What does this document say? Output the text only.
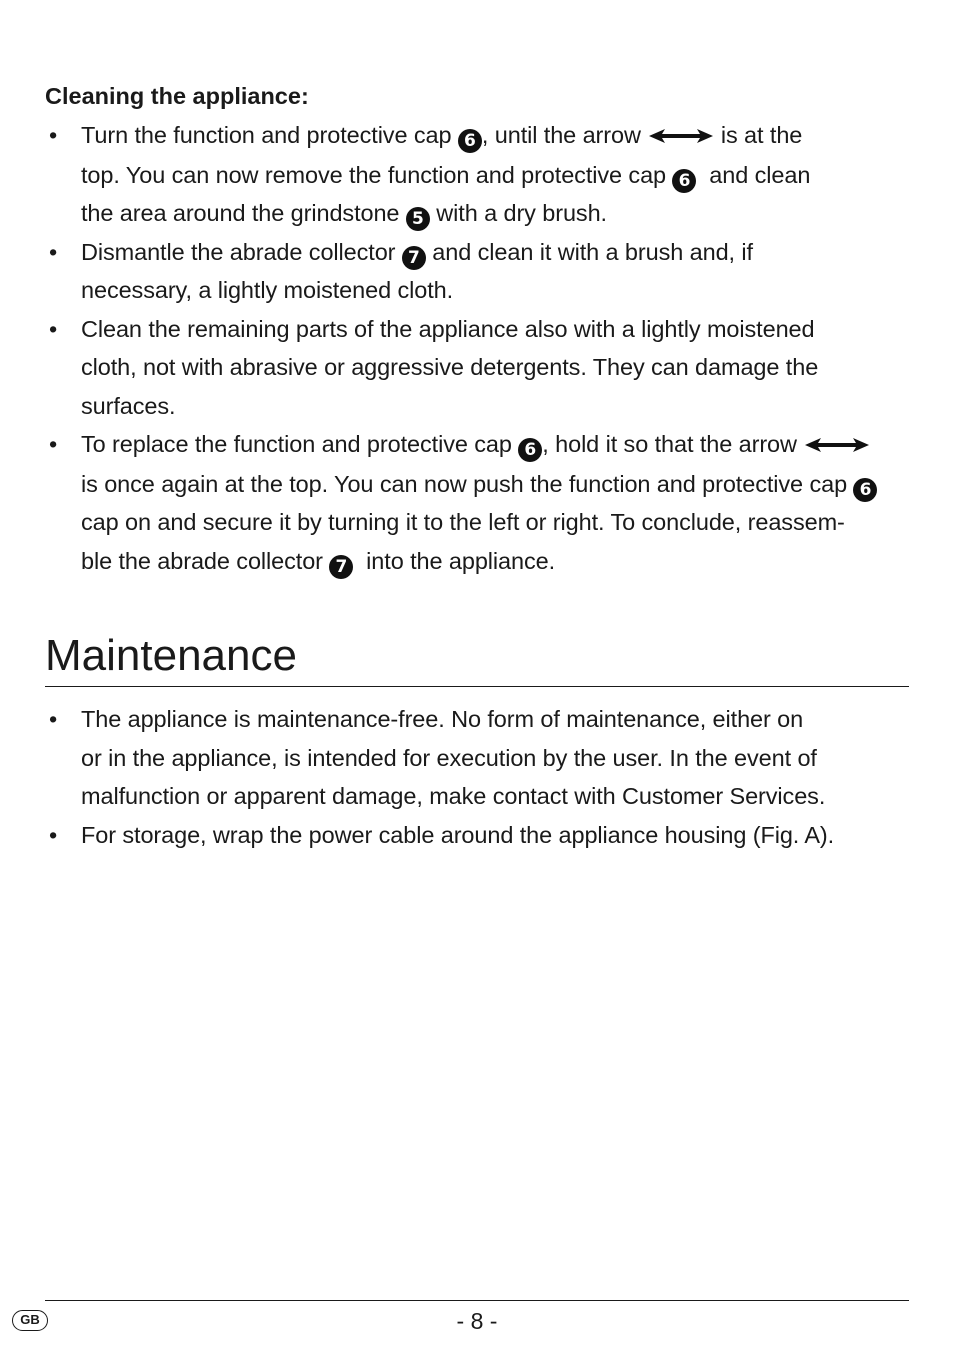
Cleaning the appliance:
• Turn the function and protective cap 6 , until the arrow	is at the
top. You can now remove the function and protective cap 6  and clean
the area around the grindstone 5 with a dry brush.
• Dismantle the abrade collector 7 and clean it with a brush and, if
necessary, a lightly moistened cloth.
• Clean the remaining parts of the appliance also with a lightly moistened
cloth, not with abrasive or aggressive detergents. They can damage the
surfaces.
• To replace the function and protective cap 6 , hold it so that the arrow
is once again at the top. You can now push the function and protective cap 6
cap on and secure it by turning it to the left or right. To conclude, reassem-
ble the abrade collector 7  into the appliance.
Maintenance
• The appliance is maintenance-free. No form of maintenance, either on
or in the appliance, is intended for execution by the user. In the event of
malfunction or apparent damage, make contact with Customer Services.
• For storage, wrap the power cable around the appliance housing (Fig. A).
GB	- 8 -
